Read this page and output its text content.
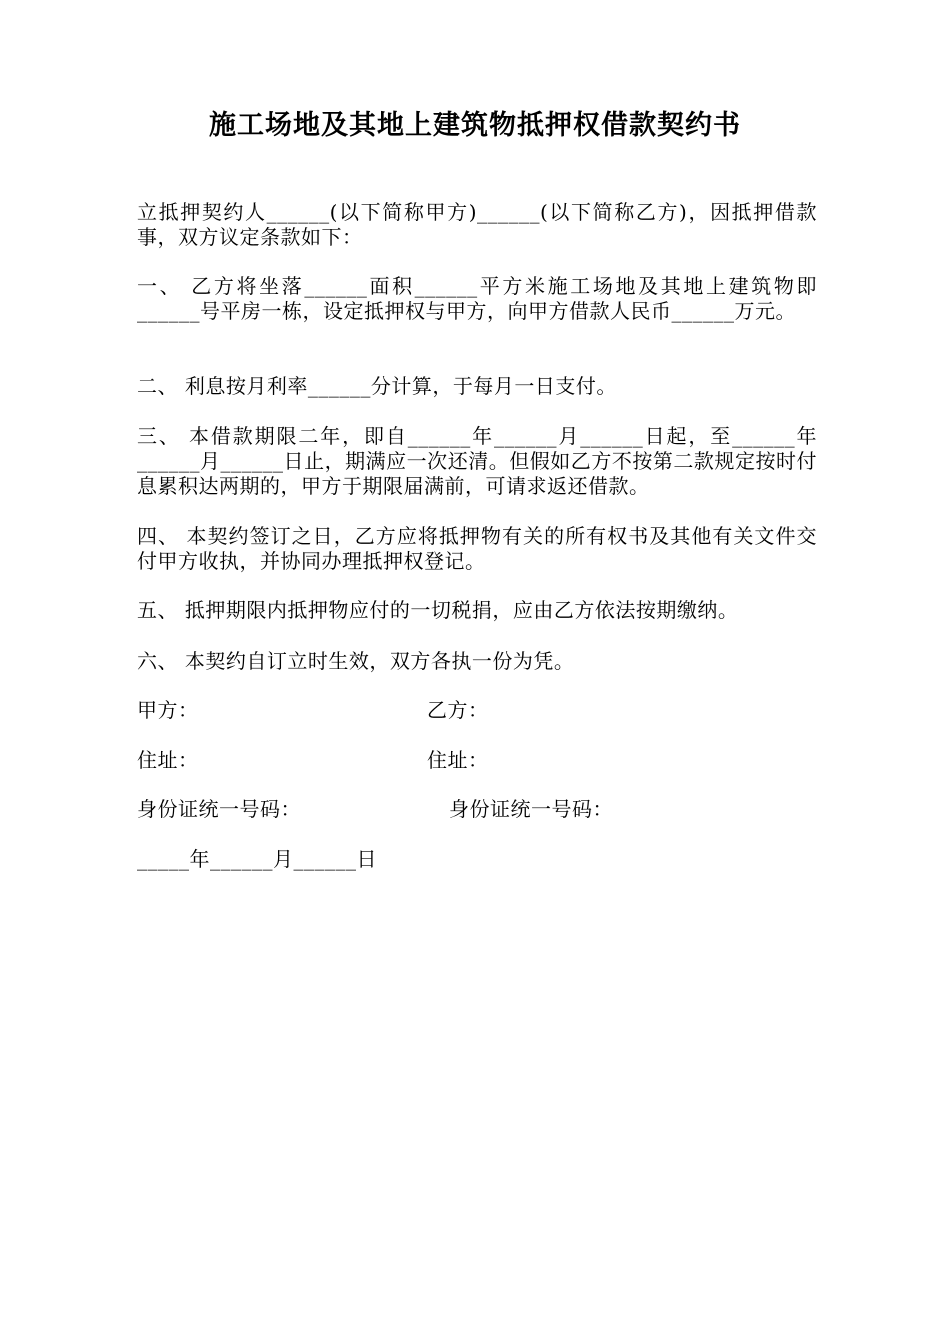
施工场地及其地上建筑物抵押权借款契约书

立抵押契约人______(以下简称甲方)______(以下简称乙方)，因抵押借款事，双方议定条款如下：

一、 乙方将坐落______面积______平方米施工场地及其地上建筑物即______号平房一栋，设定抵押权与甲方，向甲方借款人民币______万元。

二、 利息按月利率______分计算，于每月一日支付。

三、 本借款期限二年，即自______年______月______日起，至______年______月______日止，期满应一次还清。但假如乙方不按第二款规定按时付息累积达两期的，甲方于期限届满前，可请求返还借款。

四、 本契约签订之日，乙方应将抵押物有关的所有权书及其他有关文件交付甲方收执，并协同办理抵押权登记。

五、 抵押期限内抵押物应付的一切税捐，应由乙方依法按期缴纳。

六、 本契约自订立时生效，双方各执一份为凭。

甲方：	乙方：
住址：	住址：
身份证统一号码：	身份证统一号码：
_____年______月______日
